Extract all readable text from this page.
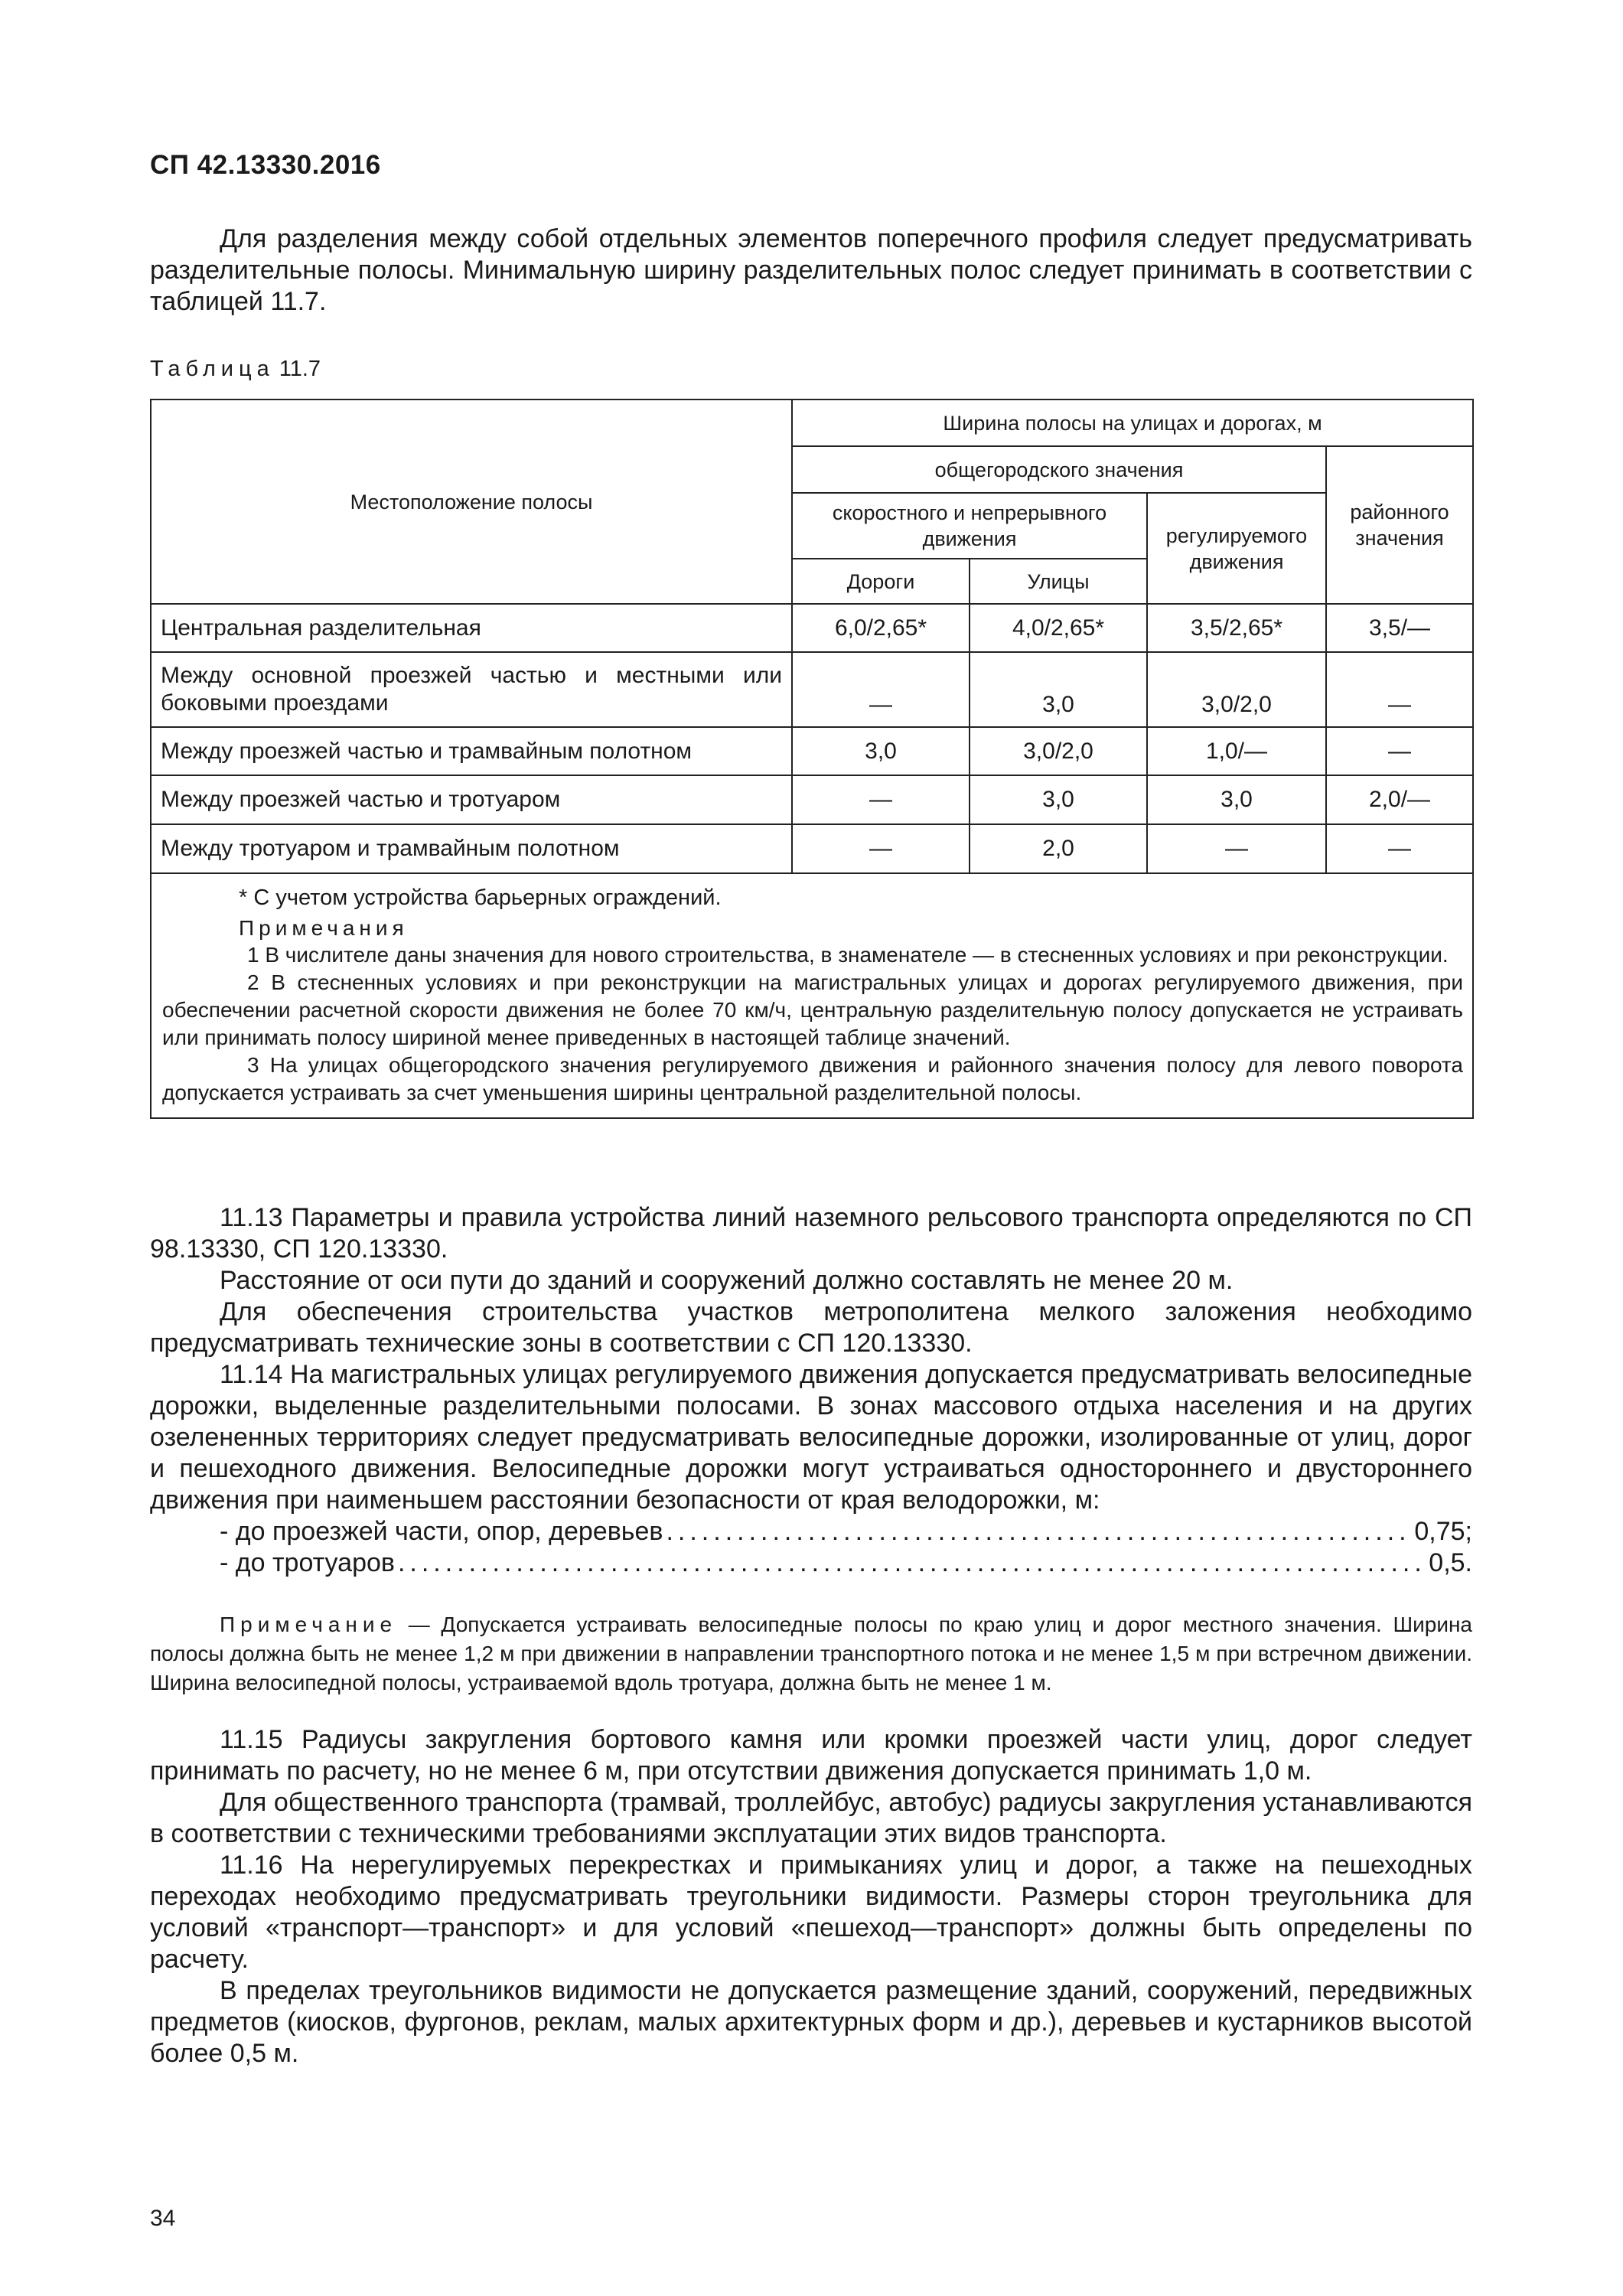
СП 42.13330.2016

Для разделения между собой отдельных элементов поперечного профиля следует предусматривать разделительные полосы. Минимальную ширину разделительных полос следует принимать в соответствии с таблицей 11.7.

Таблица 11.7
Местоположение полосы	Ширина полосы на улицах и дорогах, м			
	общегородского значения			районного значения
	скоростного и непрерывного движения		регулируемого движения	
	Дороги	Улицы		
Центральная разделительная	6,0/2,65*	4,0/2,65*	3,5/2,65*	3,5/—
Между основной проезжей частью и местными или боковыми проездами	—	3,0	3,0/2,0	—
Между проезжей частью и трамвайным полотном	3,0	3,0/2,0	1,0/—	—
Между проезжей частью и тротуаром	—	3,0	3,0	2,0/—
Между тротуаром и трамвайным полотном	—	2,0	—	—

* С учетом устройства барьерных ограждений.
Примечания

1 В числителе даны значения для нового строительства, в знаменателе — в стесненных условиях и при реконструкции.

2 В стесненных условиях и при реконструкции на магистральных улицах и дорогах регулируемого движения, при обеспечении расчетной скорости движения не более 70 км/ч, центральную разделительную полосу допускается не устраивать или принимать полосу шириной менее приведенных в настоящей таблице значений.

3 На улицах общегородского значения регулируемого движения и районного значения полосу для левого поворота допускается устраивать за счет уменьшения ширины центральной разделительной полосы.				

11.13 Параметры и правила устройства линий наземного рельсового транспорта определяются по СП 98.13330, СП 120.13330.

Расстояние от оси пути до зданий и сооружений должно составлять не менее 20 м.

Для обеспечения строительства участков метрополитена мелкого заложения необходимо предусматривать технические зоны в соответствии с СП 120.13330.

11.14 На магистральных улицах регулируемого движения допускается предусматривать велосипедные дорожки, выделенные разделительными полосами. В зонах массового отдыха населения и на других озелененных территориях следует предусматривать велосипедные дорожки, изолированные от улиц, дорог и пешеходного движения. Велосипедные дорожки могут устраиваться одностороннего и двустороннего движения при наименьшем расстоянии безопасности от края велодорожки, м:

- до проезжей части, опор, деревьев .....	0,75;
- до тротуаров .....	0,5.

Примечание — Допускается устраивать велосипедные полосы по краю улиц и дорог местного значения. Ширина полосы должна быть не менее 1,2 м при движении в направлении транспортного потока и не менее 1,5 м при встречном движении. Ширина велосипедной полосы, устраиваемой вдоль тротуара, должна быть не менее 1 м.

11.15 Радиусы закругления бортового камня или кромки проезжей части улиц, дорог следует принимать по расчету, но не менее 6 м, при отсутствии движения допускается принимать 1,0 м.

Для общественного транспорта (трамвай, троллейбус, автобус) радиусы закругления устанавливаются в соответствии с техническими требованиями эксплуатации этих видов транспорта.

11.16 На нерегулируемых перекрестках и примыканиях улиц и дорог, а также на пешеходных переходах необходимо предусматривать треугольники видимости. Размеры сторон треугольника для условий «транспорт—транспорт» и для условий «пешеход—транспорт» должны быть определены по расчету.

В пределах треугольников видимости не допускается размещение зданий, сооружений, передвижных предметов (киосков, фургонов, реклам, малых архитектурных форм и др.), деревьев и кустарников высотой более 0,5 м.

34
